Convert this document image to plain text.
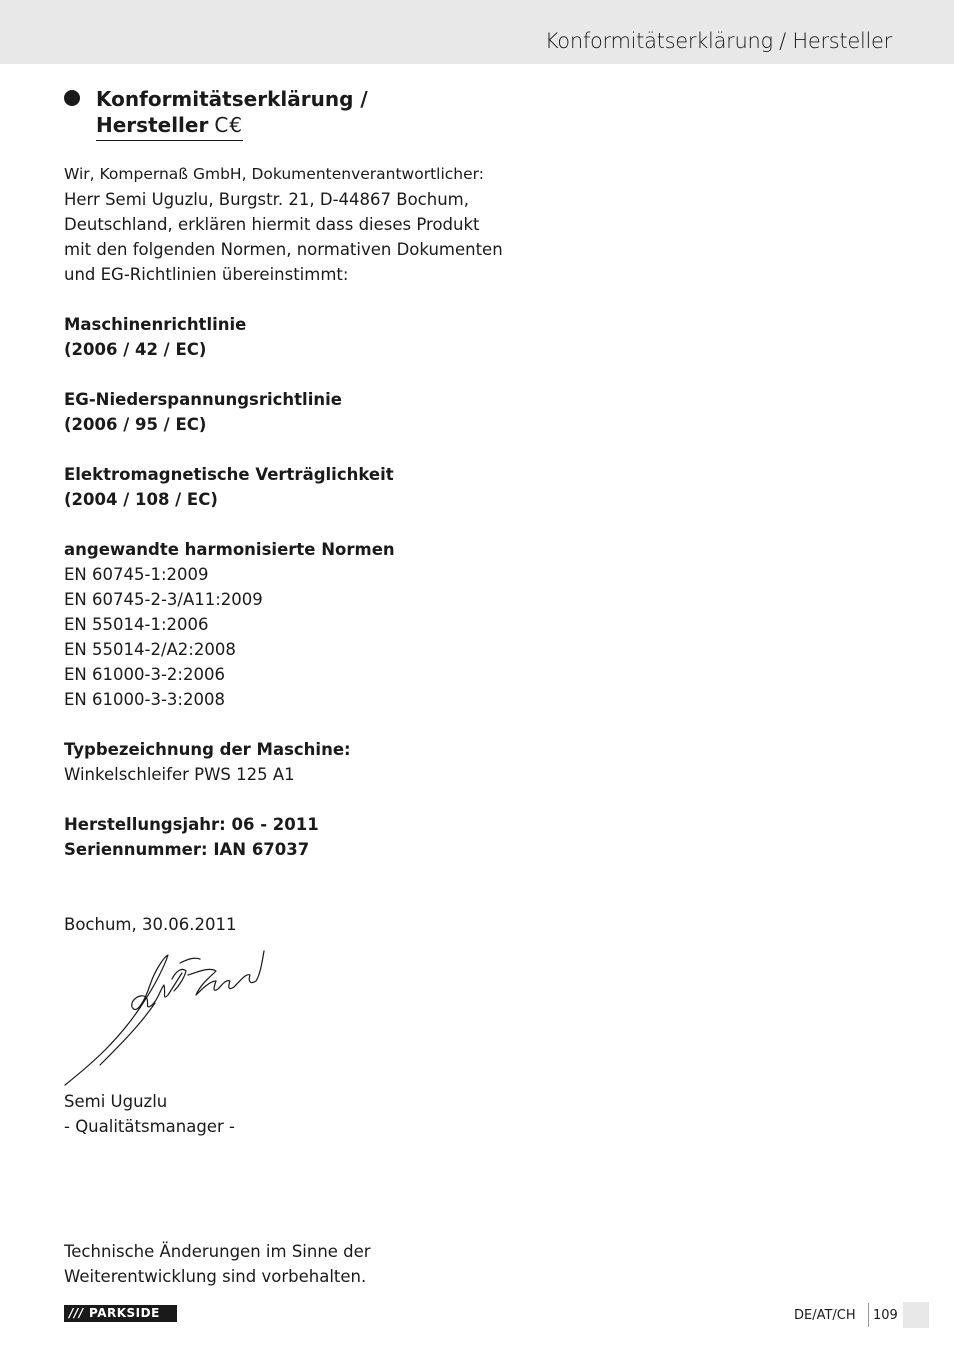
Konformitätserklärung / Hersteller
Konformitätserklärung /
Hersteller C€
Wir, Kompernaß GmbH, Dokumentenverantwortlicher:
Herr Semi Uguzlu, Burgstr. 21, D-44867 Bochum,
Deutschland, erklären hiermit dass dieses Produkt
mit den folgenden Normen, normativen Dokumenten
und EG-Richtlinien übereinstimmt:
Maschinenrichtlinie
(2006 / 42 / EC)
EG-Niederspannungsrichtlinie
(2006 / 95 / EC)
Elektromagnetische Verträglichkeit
(2004 / 108 / EC)
angewandte harmonisierte Normen
EN 60745-1:2009
EN 60745-2-3/A11:2009
EN 55014-1:2006
EN 55014-2/A2:2008
EN 61000-3-2:2006
EN 61000-3-3:2008
Typbezeichnung der Maschine:
Winkelschleifer PWS 125 A1
Herstellungsjahr: 06 - 2011
Seriennummer: IAN 67037
Bochum, 30.06.2011
Semi Uguzlu
- Qualitätsmanager -
Technische Änderungen im Sinne der
Weiterentwicklung sind vorbehalten.
/// PARKSIDE	DE/AT/CH 109
